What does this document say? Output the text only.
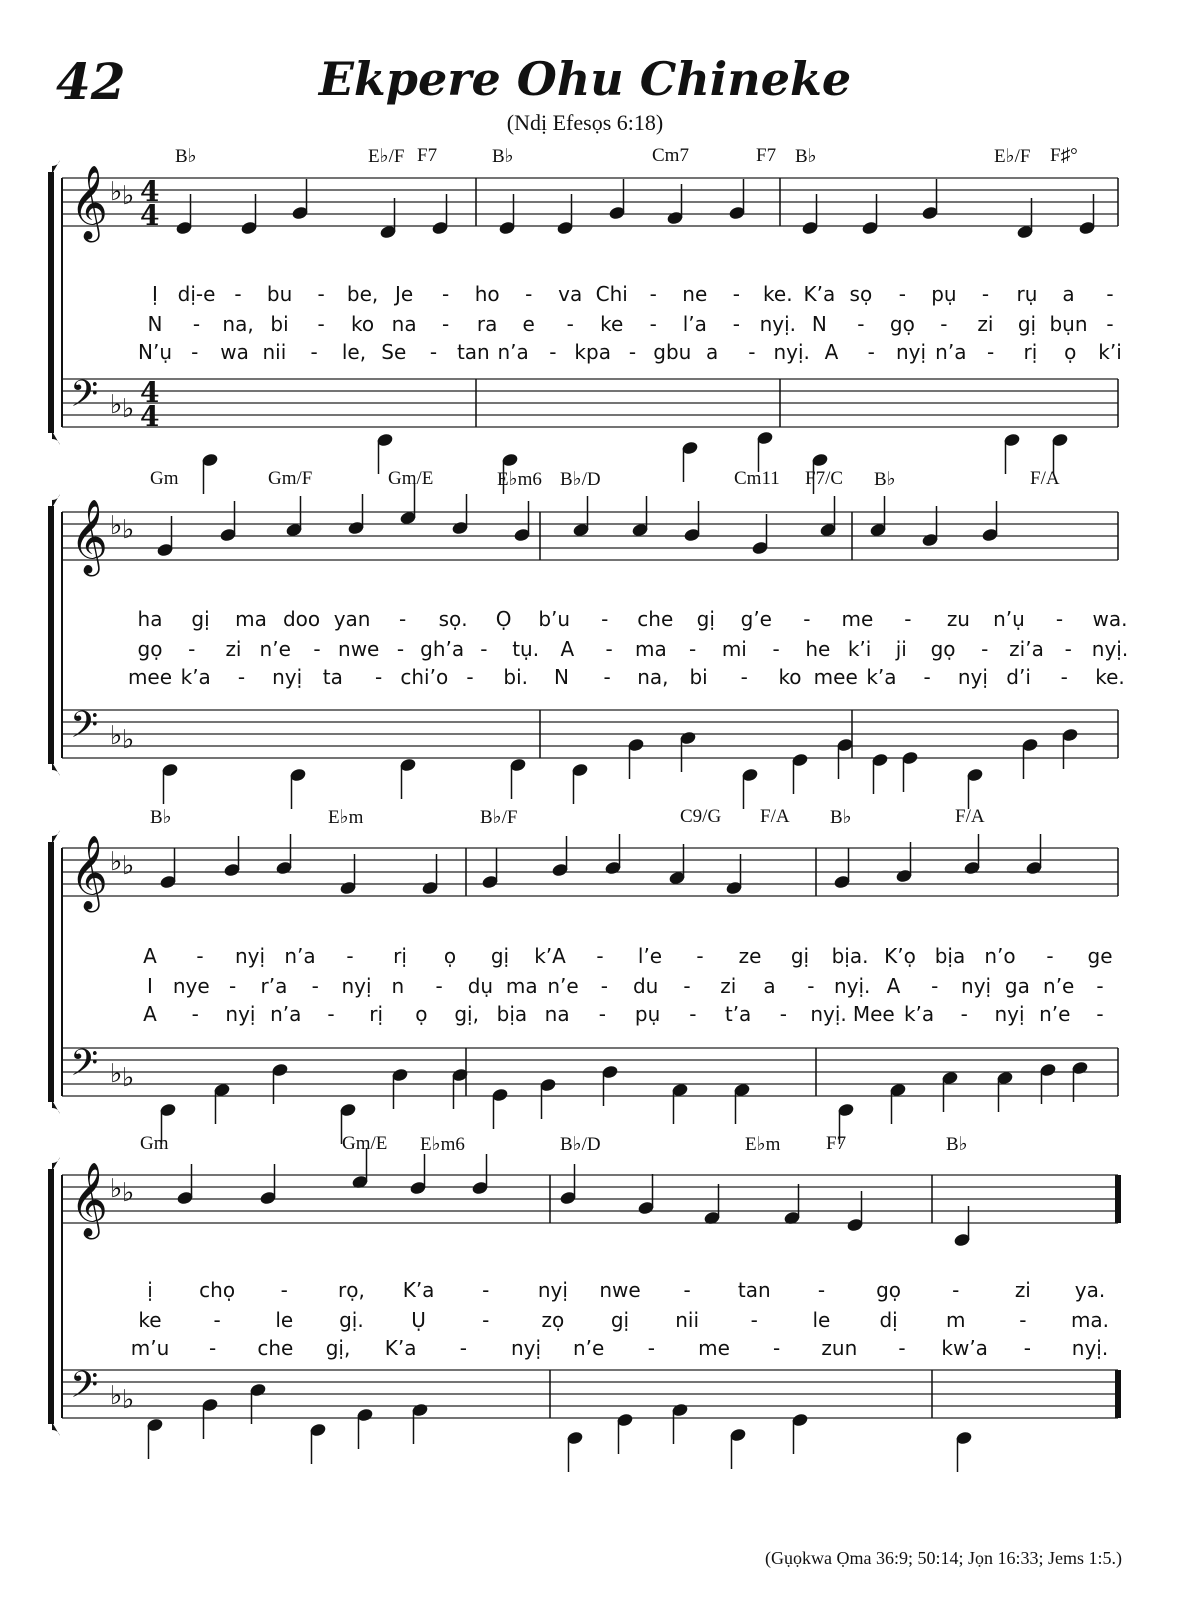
42	Ekpere Ohu Chineke
(Ndị Efesọs 6:18)
𝄞
𝄢
♭ ♭
♭ ♭
4
4
4
4
𝄞
𝄢
♭ ♭
♭ ♭
𝄞
𝄢
♭ ♭
♭ ♭
𝄞
𝄢
♭ ♭
♭ ♭
B♭	E♭/F F7	B♭	Cm7	F7 B♭	E♭/F F♯°
Ị dị-e - bu - be, Je - ho - va Chi - ne - ke. K’a sọ - pụ - rụ a -
N - na, bi - ko na - ra e - ke - l’a - nyị. N - gọ - zi gị bụn -
N’ụ - wa nii - le, Se - tan n’a - kpa - gbu a - nyị. A - nyị n’a - rị ọ k’i
Gm	Gm/F	Gm/E	E♭m6 B♭/D	Cm11 F7/C B♭	F/A
ha gị ma doo yan - sọ. Ọ b’u - che gị g’e - me - zu n’ụ - wa.
gọ - zi n’e - nwe - gh’a - tụ. A - ma - mi - he k’i ji gọ - zi’a - nyị.
mee k’a - nyị ta - chi’o - bi. N - na, bi - ko mee k’a - nyị d’i - ke.
B♭	E♭m	B♭/F	C9/G F/A B♭	F/A
A - nyị n’a - rị ọ gị k’A - l’e - ze gị bịa. K’ọ bịa n’o - ge
I nye - r’a - nyị n - dụ ma n’e - du - zi a - nyị. A - nyị ga n’e -
A - nyị n’a - rị ọ gị, bịa na - pụ - t’a - nyị. Mee k’a - nyị n’e -
Gm	Gm/E E♭m6	B♭/D	E♭m F7	B♭
ị chọ -	rọ, K’a - nyị nwe - tan -	gọ	-	zi ya.
ke	-	le gị. Ụ	-	zọ gị nii	-	le dị m	- ma.
m’u - che gị, K’a - nyị n’e - me - zun - kw’a - nyị.
(Gụọkwa Ọma 36:9; 50:14; Jọn 16:33; Jems 1:5.)
